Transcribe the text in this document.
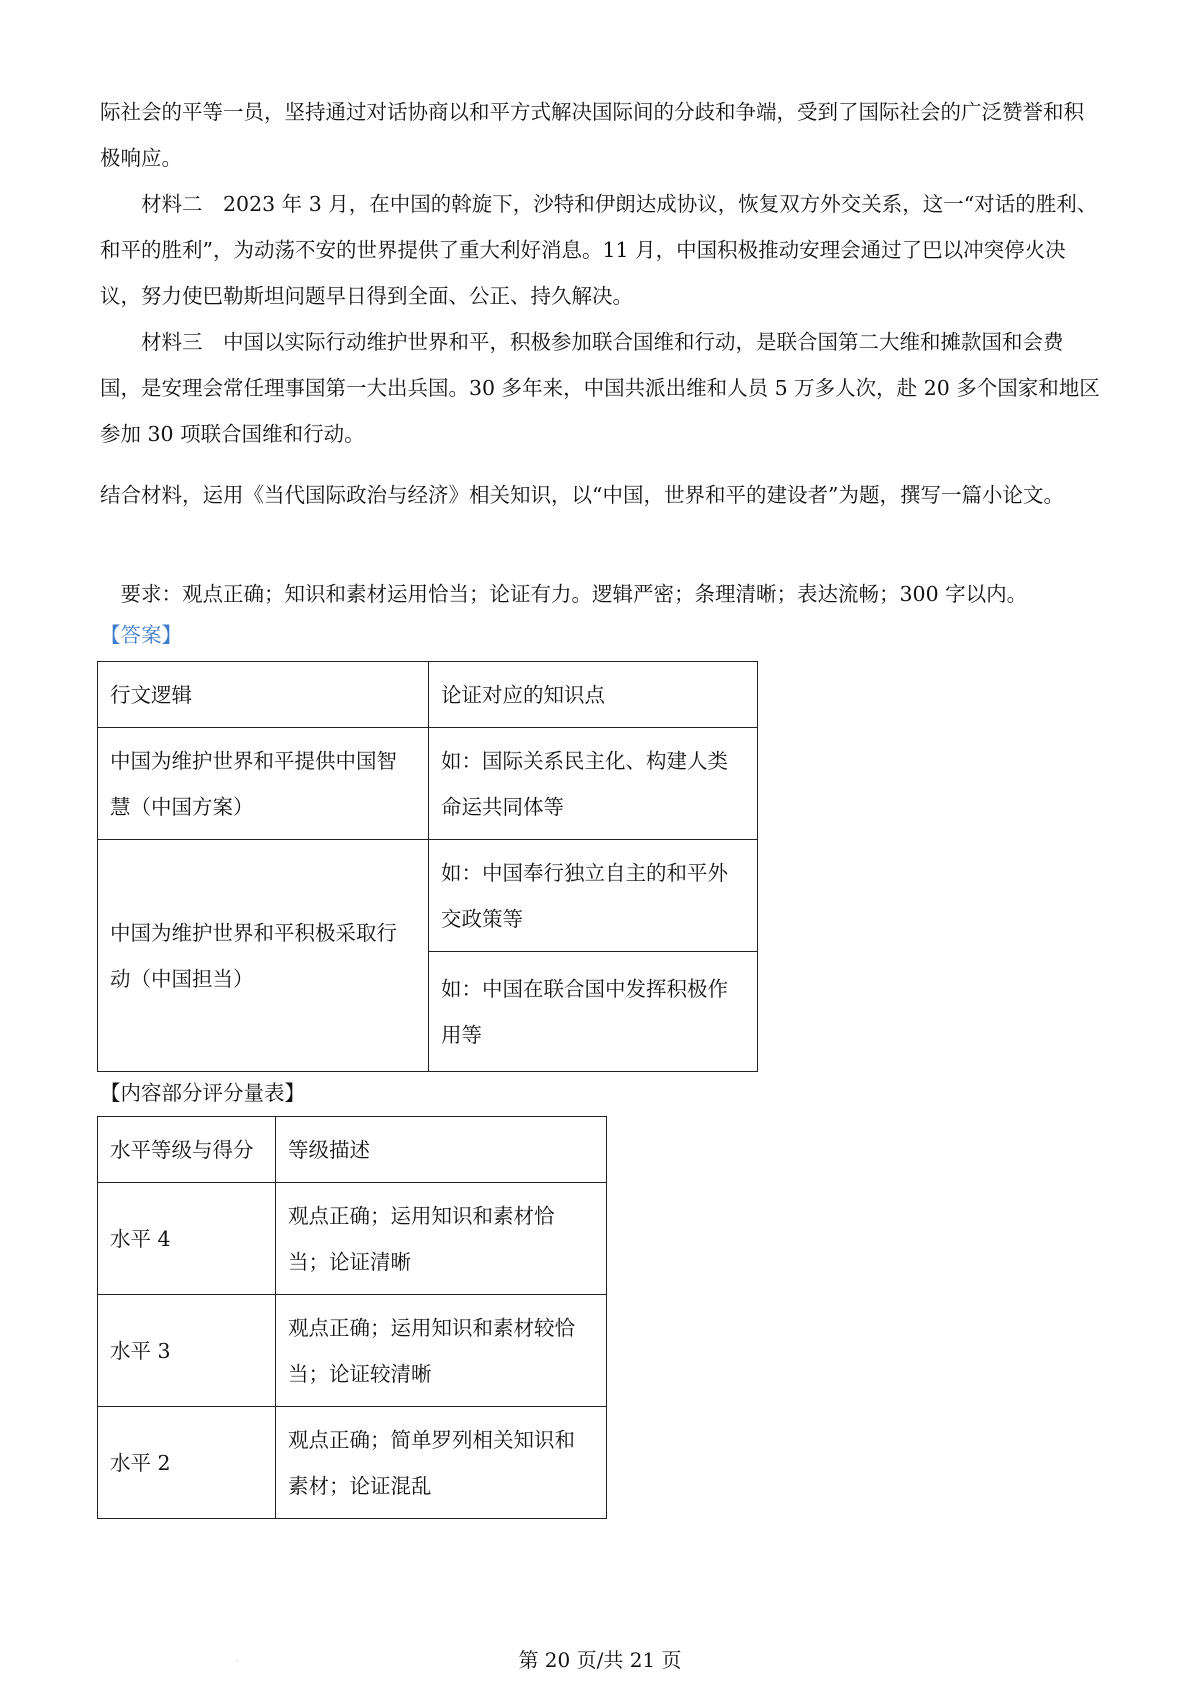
际社会的平等一员，坚持通过对话协商以和平方式解决国际间的分歧和争端，受到了国际社会的广泛赞誉和积极响应。

材料二　2023 年 3 月，在中国的斡旋下，沙特和伊朗达成协议，恢复双方外交关系，这一“对话的胜利、和平的胜利”，为动荡不安的世界提供了重大利好消息。11 月，中国积极推动安理会通过了巴以冲突停火决议，努力使巴勒斯坦问题早日得到全面、公正、持久解决。

材料三　中国以实际行动维护世界和平，积极参加联合国维和行动，是联合国第二大维和摊款国和会费国，是安理会常任理事国第一大出兵国。30 多年来，中国共派出维和人员 5 万多人次，赴 20 多个国家和地区参加 30 项联合国维和行动。

结合材料，运用《当代国际政治与经济》相关知识，以“中国，世界和平的建设者”为题，撰写一篇小论文。

要求：观点正确；知识和素材运用恰当；论证有力。逻辑严密；条理清晰；表达流畅；300 字以内。

【答案】
行文逻辑	论证对应的知识点
中国为维护世界和平提供中国智慧（中国方案）	如：国际关系民主化、构建人类命运共同体等
中国为维护世界和平积极采取行动（中国担当）	如：中国奉行独立自主的和平外交政策等
	如：中国在联合国中发挥积极作用等
【内容部分评分量表】
水平等级与得分	等级描述
水平 4	观点正确；运用知识和素材恰当；论证清晰
水平 3	观点正确；运用知识和素材较恰当；论证较清晰
水平 2	观点正确；简单罗列相关知识和素材；论证混乱
·	第 20 页/共 21 页
